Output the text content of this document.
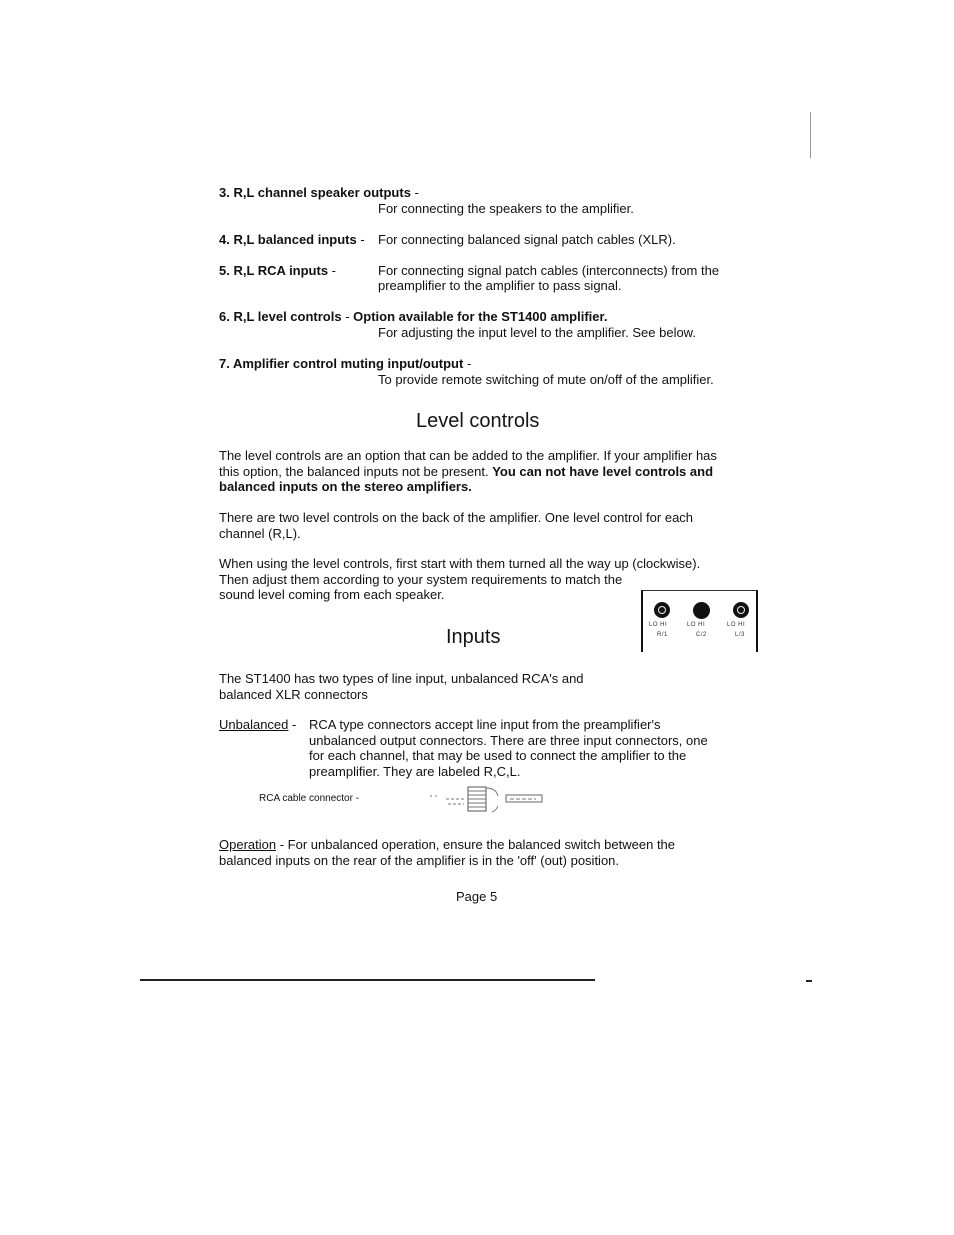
3. R,L channel speaker outputs -
For connecting the speakers to the amplifier.
4. R,L balanced inputs - For connecting balanced signal patch cables (XLR).
5. R,L RCA inputs -	For connecting signal patch cables (interconnects) from the
preamplifier to the amplifier to pass signal.
6. R,L level controls - Option available for the ST1400 amplifier.
For adjusting the input level to the amplifier. See below.
7. Amplifier control muting input/output -
To provide remote switching of mute on/off of the amplifier.
Level controls
The level controls are an option that can be added to the amplifier. If your amplifier has
this option, the balanced inputs not be present. You can not have level controls and
balanced inputs on the stereo amplifiers.
There are two level controls on the back of the amplifier. One level control for each
channel (R,L).
When using the level controls, first start with them turned all the way up (clockwise).
Then adjust them according to your system requirements to match the
sound level coming from each speaker.
LO HI	LO HI	LO HI
R/1	C/2	L/3
Inputs
The ST1400 has two types of line input, unbalanced RCA's and
balanced XLR connectors
Unbalanced - RCA type connectors accept line input from the preamplifier's
unbalanced output connectors. There are three input connectors, one
for each channel, that may be used to connect the amplifier to the
preamplifier. They are labeled R,C,L.
RCA cable connector -
Operation - For unbalanced operation, ensure the balanced switch between the
balanced inputs on the rear of the amplifier is in the 'off' (out) position.
Page 5
